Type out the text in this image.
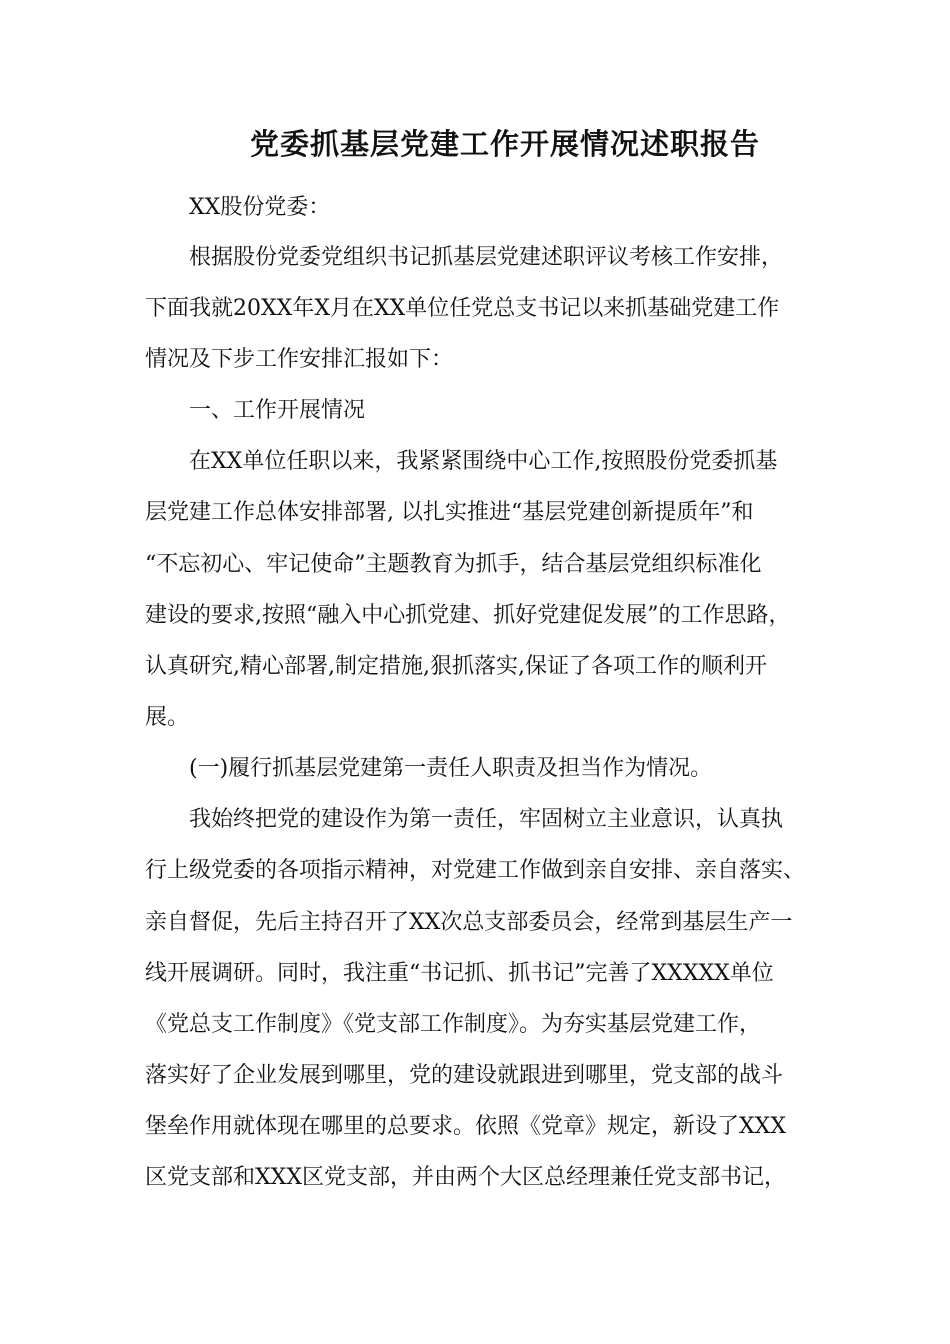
党委抓基层党建工作开展情况述职报告
XX股份党委：
根据股份党委党组织书记抓基层党建述职评议考核工作安排，
下面我就20XX年X月在XX单位任党总支书记以来抓基础党建工作
情况及下步工作安排汇报如下：
一、工作开展情况
在XX单位任职以来，我紧紧围绕中心工作,按照股份党委抓基
层党建工作总体安排部署, 以扎实推进“基层党建创新提质年”和
“不忘初心、牢记使命”主题教育为抓手，结合基层党组织标准化
建设的要求,按照“融入中心抓党建、抓好党建促发展”的工作思路，
认真研究,精心部署,制定措施,狠抓落实,保证了各项工作的顺利开
展。
(一)履行抓基层党建第一责任人职责及担当作为情况。
我始终把党的建设作为第一责任，牢固树立主业意识，认真执
行上级党委的各项指示精神，对党建工作做到亲自安排、亲自落实、
亲自督促，先后主持召开了XX次总支部委员会，经常到基层生产一
线开展调研。同时，我注重“书记抓、抓书记”完善了XXXXX单位
《党总支工作制度》《党支部工作制度》。为夯实基层党建工作，
落实好了企业发展到哪里，党的建设就跟进到哪里，党支部的战斗
堡垒作用就体现在哪里的总要求。依照《党章》规定，新设了XXX
区党支部和XXX区党支部，并由两个大区总经理兼任党支部书记，
